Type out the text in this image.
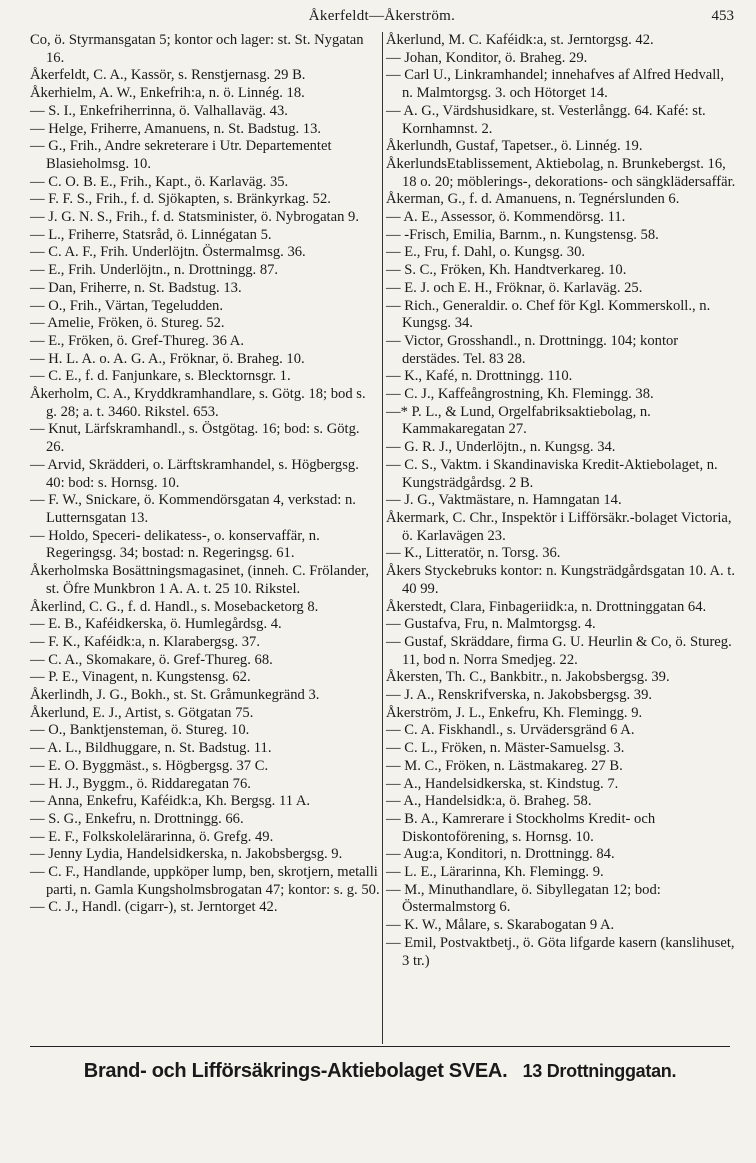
Åkerfeldt—Åkerström.	453
Co, ö. Styrmansgatan 5; kontor och lager: st. St. Nygatan 16.
Åkerfeldt, C. A., Kassör, s. Renstjernasg. 29 B.
Åkerhielm, A. W., Enkefrih:a, n. ö. Linnég. 18.
— S. I., Enkefriherrinna, ö. Valhallaväg. 43.
— Helge, Friherre, Amanuens, n. St. Badstug. 13.
— G., Frih., Andre sekreterare i Utr. Departementet Blasieholmsg. 10.
— C. O. B. E., Frih., Kapt., ö. Karlaväg. 35.
— F. F. S., Frih., f. d. Sjökapten, s. Bränkyrkag. 52.
— J. G. N. S., Frih., f. d. Statsminister, ö. Nybrogatan 9.
— L., Friherre, Statsråd, ö. Linnégatan 5.
— C. A. F., Frih. Underlöjtn. Östermalmsg. 36.
— E., Frih. Underlöjtn., n. Drottningg. 87.
— Dan, Friherre, n. St. Badstug. 13.
— O., Frih., Värtan, Tegeludden.
— Amelie, Fröken, ö. Stureg. 52.
— E., Fröken, ö. Gref-Thureg. 36 A.
— H. L. A. o. A. G. A., Fröknar, ö. Braheg. 10.
— C. E., f. d. Fanjunkare, s. Blecktornsgr. 1.
Åkerholm, C. A., Kryddkramhandlare, s. Götg. 18; bod s. g. 28; a. t. 3460. Rikstel. 653.
— Knut, Lärfskramhandl., s. Östgötag. 16; bod: s. Götg. 26.
— Arvid, Skrädderi, o. Lärftskramhandel, s. Högbergsg. 40: bod: s. Hornsg. 10.
— F. W., Snickare, ö. Kommendörsgatan 4, verkstad: n. Lutternsgatan 13.
— Holdo, Speceri- delikatess-, o. konservaffär, n. Regeringsg. 34; bostad: n. Regeringsg. 61.
Åkerholmska Bosättningsmagasinet, (inneh. C. Frölander, st. Öfre Munkbron 1 A. A. t. 25 10. Rikstel.
Åkerlind, C. G., f. d. Handl., s. Mosebacketorg 8.
— E. B., Kaféidkerska, ö. Humlegårdsg. 4.
— F. K., Kaféidk:a, n. Klarabergsg. 37.
— C. A., Skomakare, ö. Gref-Thureg. 68.
— P. E., Vinagent, n. Kungstensg. 62.
Åkerlindh, J. G., Bokh., st. St. Gråmunkegränd 3.
Åkerlund, E. J., Artist, s. Götgatan 75.
— O., Banktjensteman, ö. Stureg. 10.
— A. L., Bildhuggare, n. St. Badstug. 11.
— E. O. Byggmäst., s. Högbergsg. 37 C.
— H. J., Byggm., ö. Riddaregatan 76.
— Anna, Enkefru, Kaféidk:a, Kh. Bergsg. 11 A.
— S. G., Enkefru, n. Drottningg. 66.
— E. F., Folkskolelärarinna, ö. Grefg. 49.
— Jenny Lydia, Handelsidkerska, n. Jakobsbergsg. 9.
— C. F., Handlande, uppköper lump, ben, skrotjern, metalli parti, n. Gamla Kungsholmsbrogatan 47; kontor: s. g. 50.
— C. J., Handl. (cigarr-), st. Jerntorget 42.
Åkerlund, M. C. Kaféidk:a, st. Jerntorgsg. 42.
— Johan, Konditor, ö. Braheg. 29.
— Carl U., Linkramhandel; innehafves af Alfred Hedvall, n. Malmtorgsg. 3. och Hötorget 14.
— A. G., Värdshusidkare, st. Vesterlångg. 64. Kafé: st. Kornhamnst. 2.
Åkerlundh, Gustaf, Tapetser., ö. Linnég. 19.
ÅkerlundsEtablissement, Aktiebolag, n. Brunkebergst. 16, 18 o. 20; möblerings-, dekorations- och sängklädersaffär.
Åkerman, G., f. d. Amanuens, n. Tegnérslunden 6.
— A. E., Assessor, ö. Kommendörsg. 11.
— -Frisch, Emilia, Barnm., n. Kungstensg. 58.
— E., Fru, f. Dahl, o. Kungsg. 30.
— S. C., Fröken, Kh. Handtverkareg. 10.
— E. J. och E. H., Fröknar, ö. Karlaväg. 25.
— Rich., Generaldir. o. Chef för Kgl. Kommerskoll., n. Kungsg. 34.
— Victor, Grosshandl., n. Drottningg. 104; kontor derstädes. Tel. 83 28.
— K., Kafé, n. Drottningg. 110.
— C. J., Kaffeångrostning, Kh. Flemingg. 38.
—* P. L., & Lund, Orgelfabriksaktiebolag, n. Kammakaregatan 27.
— G. R. J., Underlöjtn., n. Kungsg. 34.
— C. S., Vaktm. i Skandinaviska Kredit-Aktiebolaget, n. Kungsträdgårdsg. 2 B.
— J. G., Vaktmästare, n. Hamngatan 14.
Åkermark, C. Chr., Inspektör i Lifförsäkr.-bolaget Victoria, ö. Karlavägen 23.
— K., Litteratör, n. Torsg. 36.
Åkers Styckebruks kontor: n. Kungsträdgårdsgatan 10. A. t. 40 99.
Åkerstedt, Clara, Finbageriidk:a, n. Drottninggatan 64.
— Gustafva, Fru, n. Malmtorgsg. 4.
— Gustaf, Skräddare, firma G. U. Heurlin & Co, ö. Stureg. 11, bod n. Norra Smedjeg. 22.
Åkersten, Th. C., Bankbitr., n. Jakobsbergsg. 39.
— J. A., Renskrifverska, n. Jakobsbergsg. 39.
Åkerström, J. L., Enkefru, Kh. Flemingg. 9.
— C. A. Fiskhandl., s. Urvädersgränd 6 A.
— C. L., Fröken, n. Mäster-Samuelsg. 3.
— M. C., Fröken, n. Lästmakareg. 27 B.
— A., Handelsidkerska, st. Kindstug. 7.
— A., Handelsidk:a, ö. Braheg. 58.
— B. A., Kamrerare i Stockholms Kredit- och Diskontoförening, s. Hornsg. 10.
— Aug:a, Konditori, n. Drottningg. 84.
— L. E., Lärarinna, Kh. Flemingg. 9.
— M., Minuthandlare, ö. Sibyllegatan 12; bod: Östermalmstorg 6.
— K. W., Målare, s. Skarabogatan 9 A.
— Emil, Postvaktbetj., ö. Göta lifgarde kasern (kanslihuset, 3 tr.)
Brand- och Lifförsäkrings-Aktiebolaget SVEA. 13 Drottninggatan.
